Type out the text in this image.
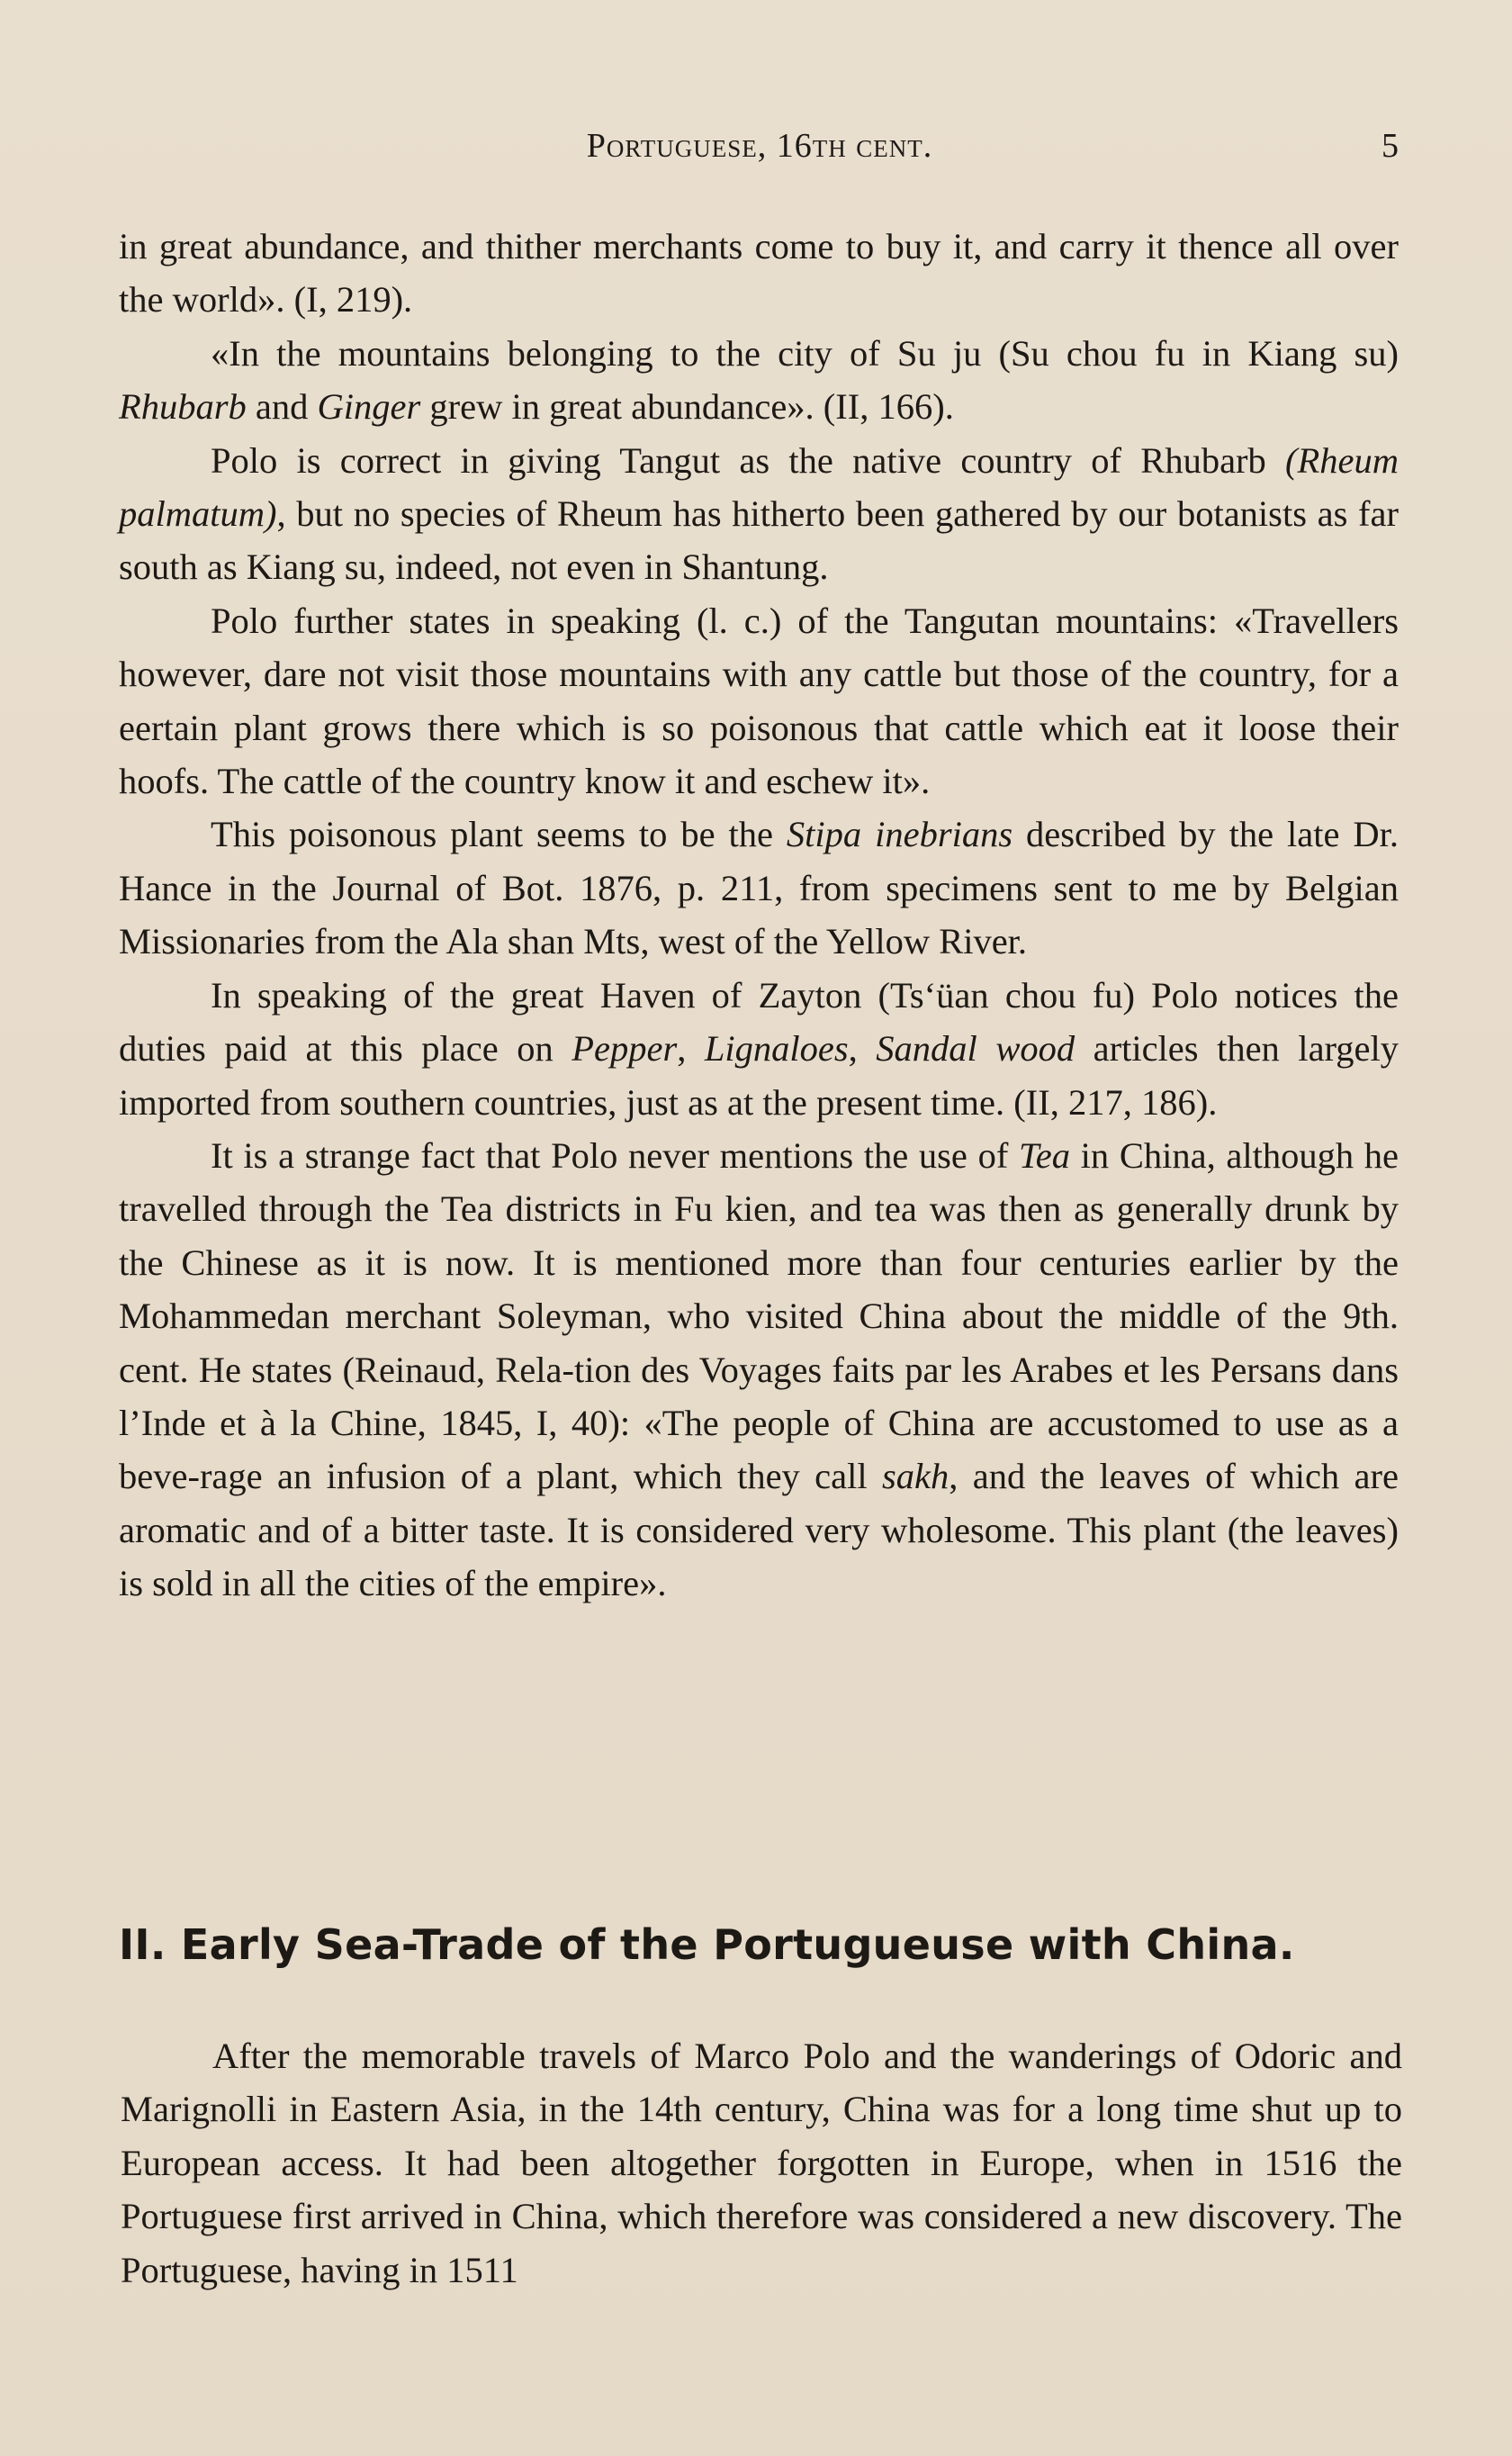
Portuguese, 16th cent.	5

in great abundance, and thither merchants come to buy it, and carry it thence all over the world». (I, 219).

«In the mountains belonging to the city of Su ju (Su chou fu in Kiang su) Rhubarb and Ginger grew in great abundance». (II, 166).

Polo is correct in giving Tangut as the native country of Rhubarb (Rheum palmatum), but no species of Rheum has hitherto been gathered by our botanists as far south as Kiang su, indeed, not even in Shantung.

Polo further states in speaking (l. c.) of the Tangutan mountains: «Travellers however, dare not visit those mountains with any cattle but those of the country, for a eertain plant grows there which is so poisonous that cattle which eat it loose their hoofs. The cattle of the country know it and eschew it».

This poisonous plant seems to be the Stipa inebrians described by the late Dr. Hance in the Journal of Bot. 1876, p. 211, from specimens sent to me by Belgian Missionaries from the Ala shan Mts, west of the Yellow River.

In speaking of the great Haven of Zayton (Ts‘üan chou fu) Polo notices the duties paid at this place on Pepper, Lignaloes, Sandal wood articles then largely imported from southern countries, just as at the present time. (II, 217, 186).

It is a strange fact that Polo never mentions the use of Tea in China, although he travelled through the Tea districts in Fu kien, and tea was then as generally drunk by the Chinese as it is now. It is mentioned more than four centuries earlier by the Mohammedan merchant Soleyman, who visited China about the middle of the 9th. cent. He states (Reinaud, Rela-tion des Voyages faits par les Arabes et les Persans dans l’Inde et à la Chine, 1845, I, 40): «The people of China are accustomed to use as a beve-rage an infusion of a plant, which they call sakh, and the leaves of which are aromatic and of a bitter taste. It is considered very wholesome. This plant (the leaves) is sold in all the cities of the empire».

II. Early Sea-Trade of the Portugueuse with China.

After the memorable travels of Marco Polo and the wanderings of Odoric and Marignolli in Eastern Asia, in the 14th century, China was for a long time shut up to European access. It had been altogether forgotten in Europe, when in 1516 the Portuguese first arrived in China, which therefore was considered a new discovery. The Portuguese, having in 1511
